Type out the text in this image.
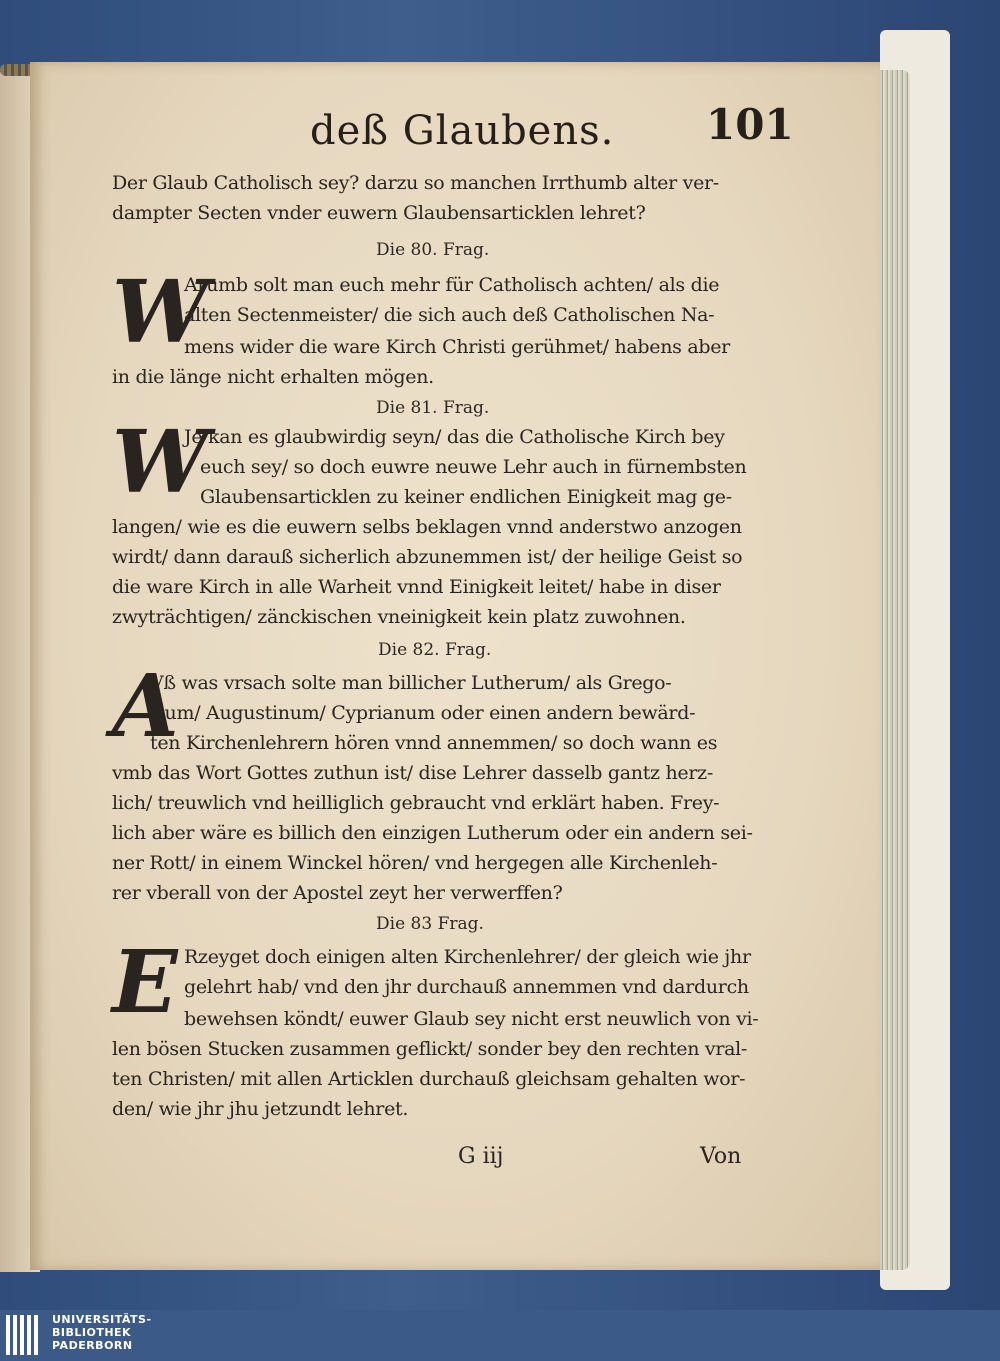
deß Glaubens. 101
Der Glaub Catholisch sey? darzu so manchen Irrthumb alter ver-
dampter Secten vnder euwern Glaubensarticklen lehret?
Die 80. Frag.
W
Arumb solt man euch mehr für Catholisch achten/ als die
alten Sectenmeister/ die sich auch deß Catholischen Na-
mens wider die ware Kirch Christi gerühmet/ habens aber
in die länge nicht erhalten mögen.
Die 81. Frag.
W
Je kan es glaubwirdig seyn/ das die Catholische Kirch bey
euch sey/ so doch euwre neuwe Lehr auch in fürnembsten
Glaubensarticklen zu keiner endlichen Einigkeit mag ge-
langen/ wie es die euwern selbs beklagen vnnd anderstwo anzogen
wirdt/ dann darauß sicherlich abzunemmen ist/ der heilige Geist so
die ware Kirch in alle Warheit vnnd Einigkeit leitet/ habe in diser
zwyträchtigen/ zänckischen vneinigkeit kein platz zuwohnen.
Die 82. Frag.
A
Vß was vrsach solte man billicher Lutherum/ als Grego-
rium/ Augustinum/ Cyprianum oder einen andern bewärd-
ten Kirchenlehrern hören vnnd annemmen/ so doch wann es
vmb das Wort Gottes zuthun ist/ dise Lehrer dasselb gantz herz-
lich/ treuwlich vnd heilliglich gebraucht vnd erklärt haben. Frey-
lich aber wäre es billich den einzigen Lutherum oder ein andern sei-
ner Rott/ in einem Winckel hören/ vnd hergegen alle Kirchenleh-
rer vberall von der Apostel zeyt her verwerffen?
Die 83 Frag.
E Rzeyget doch einigen alten Kirchenlehrer/ der gleich wie jhr
gelehrt hab/ vnd den jhr durchauß annemmen vnd dardurch
bewehsen köndt/ euwer Glaub sey nicht erst neuwlich von vi-
len bösen Stucken zusammen geflickt/ sonder bey den rechten vral-
ten Christen/ mit allen Articklen durchauß gleichsam gehalten wor-
den/ wie jhr jhu jetzundt lehret.
G iij	Von
UNIVERSITÄTS-
BIBLIOTHEK
PADERBORN
